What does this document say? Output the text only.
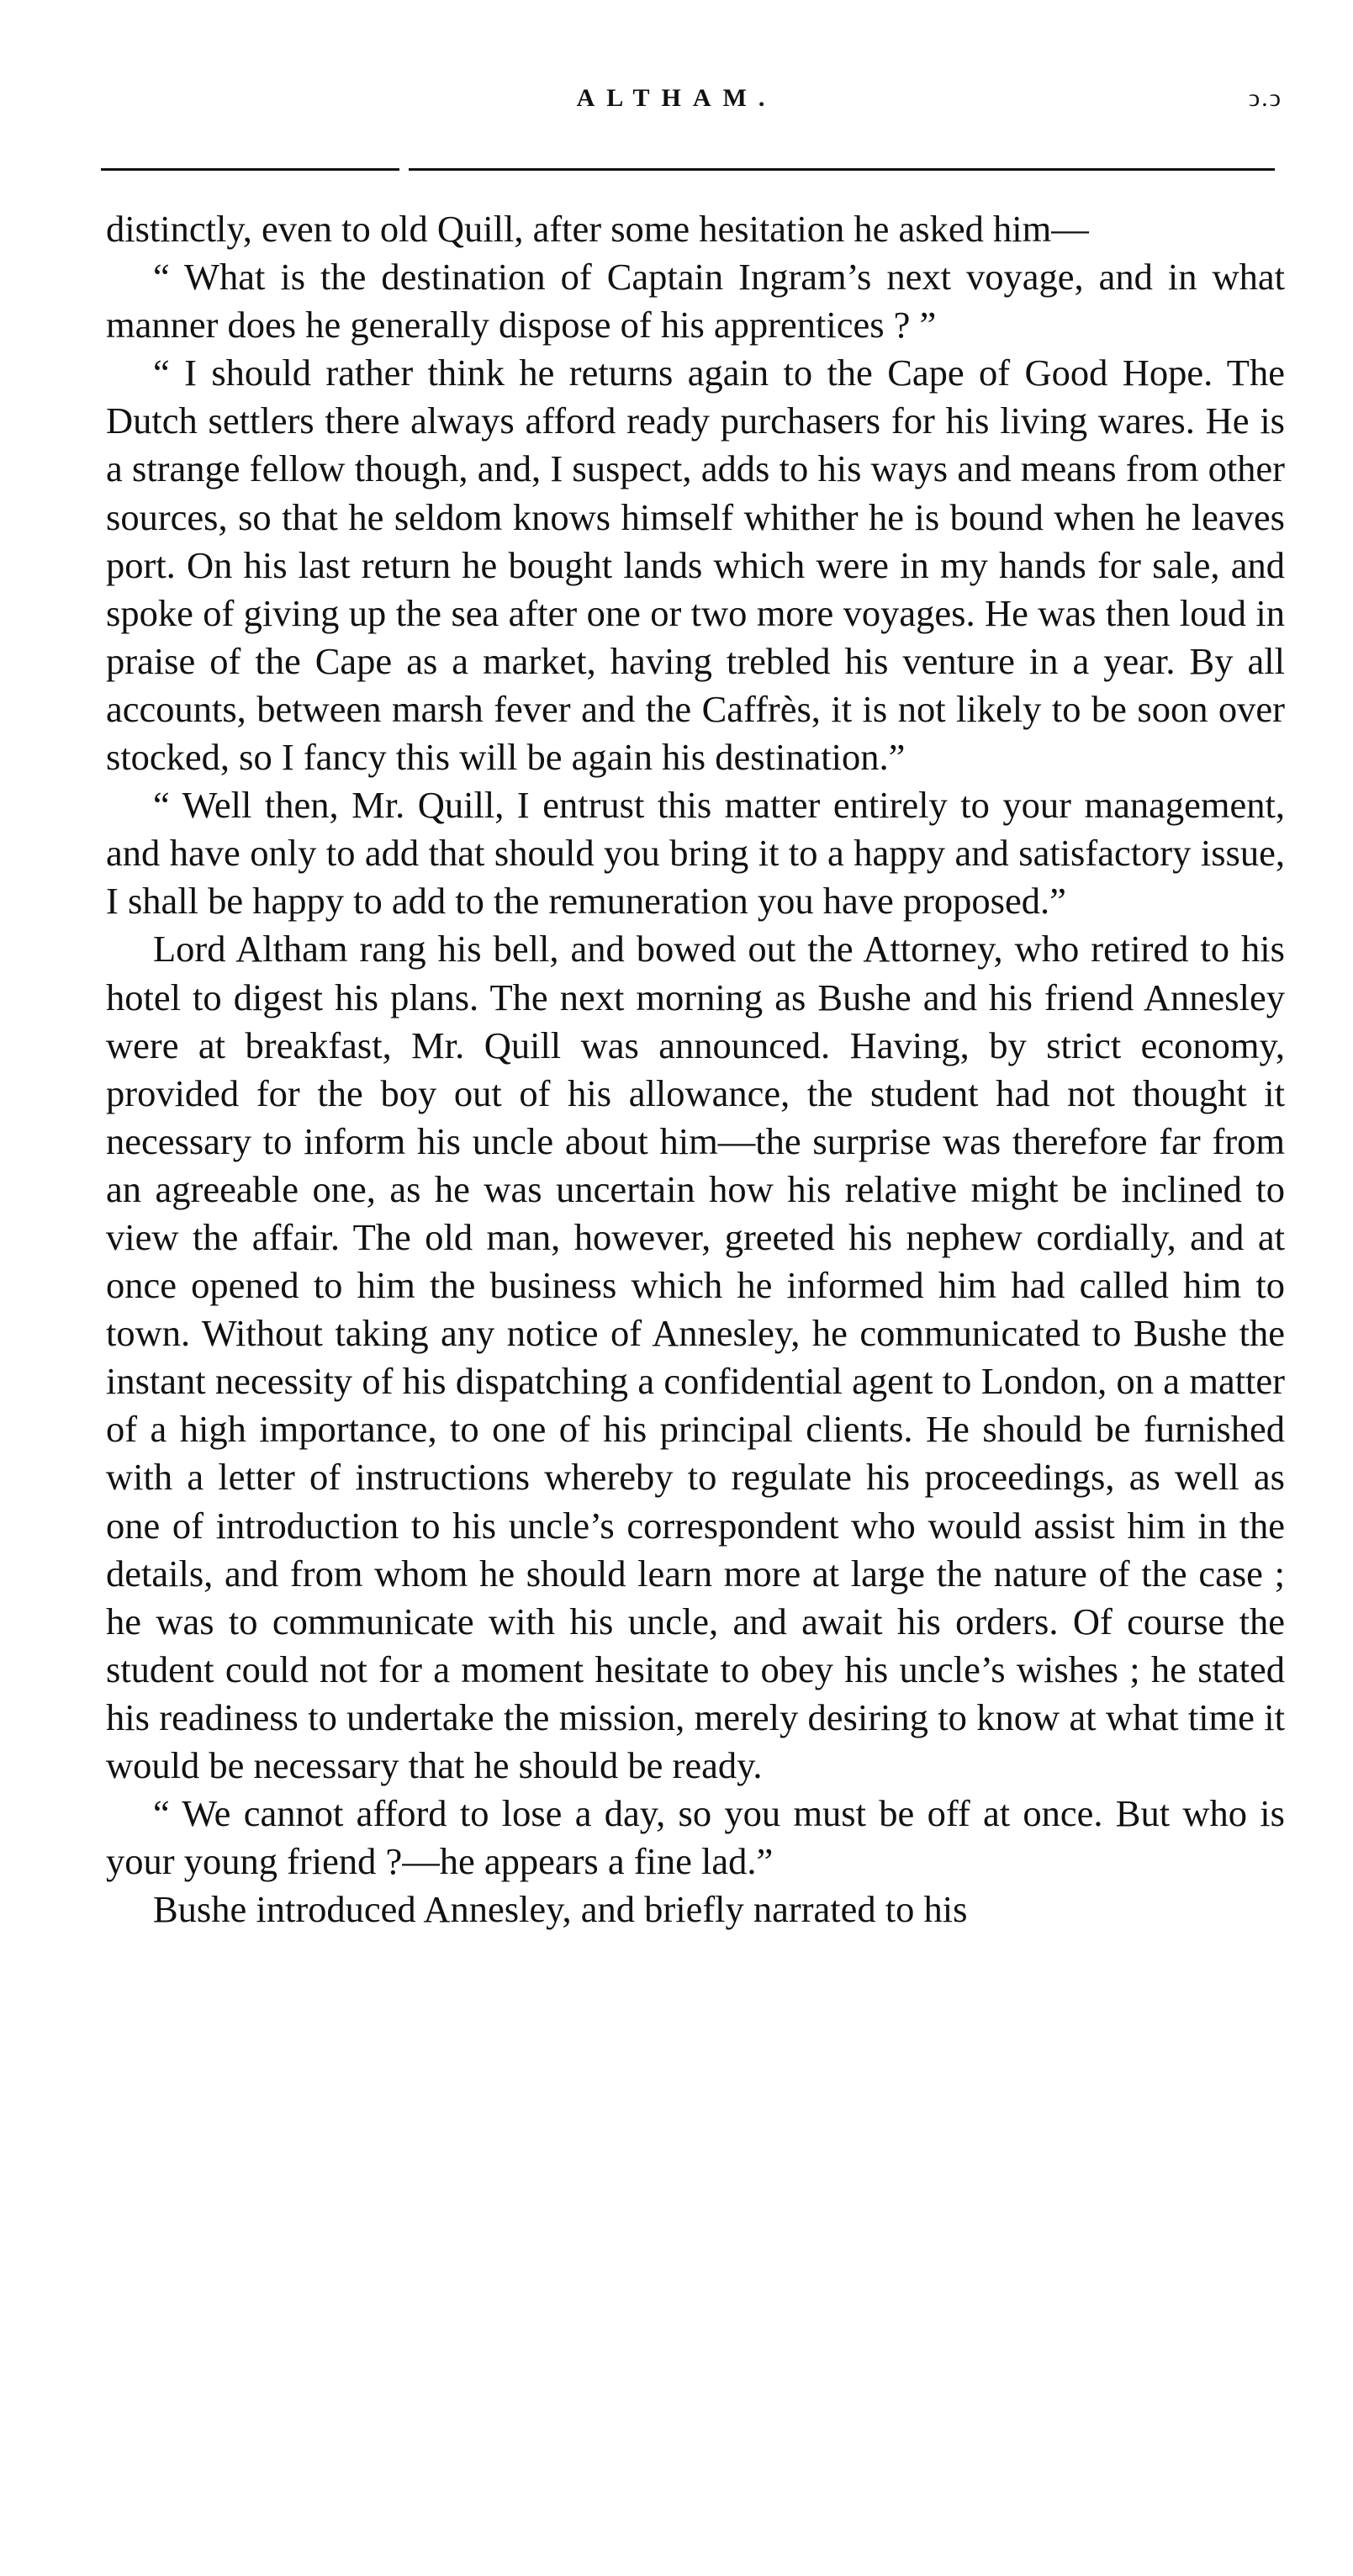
ALTHAM.	ↄ.ↄ

distinctly, even to old Quill, after some hesitation he asked him—

“ What is the destination of Captain Ingram’s next voyage, and in what manner does he generally dispose of his apprentices ? ”

“ I should rather think he returns again to the Cape of Good Hope. The Dutch settlers there always afford ready purchasers for his living wares. He is a strange fellow though, and, I suspect, adds to his ways and means from other sources, so that he seldom knows himself whither he is bound when he leaves port. On his last return he bought lands which were in my hands for sale, and spoke of giving up the sea after one or two more voyages. He was then loud in praise of the Cape as a market, having trebled his venture in a year. By all accounts, between marsh fever and the Caffrès, it is not likely to be soon over stocked, so I fancy this will be again his destination.”

“ Well then, Mr. Quill, I entrust this matter entirely to your management, and have only to add that should you bring it to a happy and satisfactory issue, I shall be happy to add to the remuneration you have proposed.”

Lord Altham rang his bell, and bowed out the Attorney, who retired to his hotel to digest his plans. The next morning as Bushe and his friend Annesley were at breakfast, Mr. Quill was announced. Having, by strict economy, provided for the boy out of his allowance, the student had not thought it necessary to inform his uncle about him—the surprise was therefore far from an agreeable one, as he was uncertain how his relative might be inclined to view the affair. The old man, however, greeted his nephew cordially, and at once opened to him the business which he informed him had called him to town. Without taking any notice of Annesley, he communicated to Bushe the instant necessity of his dispatching a confidential agent to London, on a matter of a high importance, to one of his principal clients. He should be furnished with a letter of instructions whereby to regulate his proceedings, as well as one of introduction to his uncle’s correspondent who would assist him in the details, and from whom he should learn more at large the nature of the case ; he was to communicate with his uncle, and await his orders. Of course the student could not for a moment hesitate to obey his uncle’s wishes ; he stated his readiness to undertake the mission, merely desiring to know at what time it would be necessary that he should be ready.

“ We cannot afford to lose a day, so you must be off at once. But who is your young friend ?—he appears a fine lad.”

Bushe introduced Annesley, and briefly narrated to his
